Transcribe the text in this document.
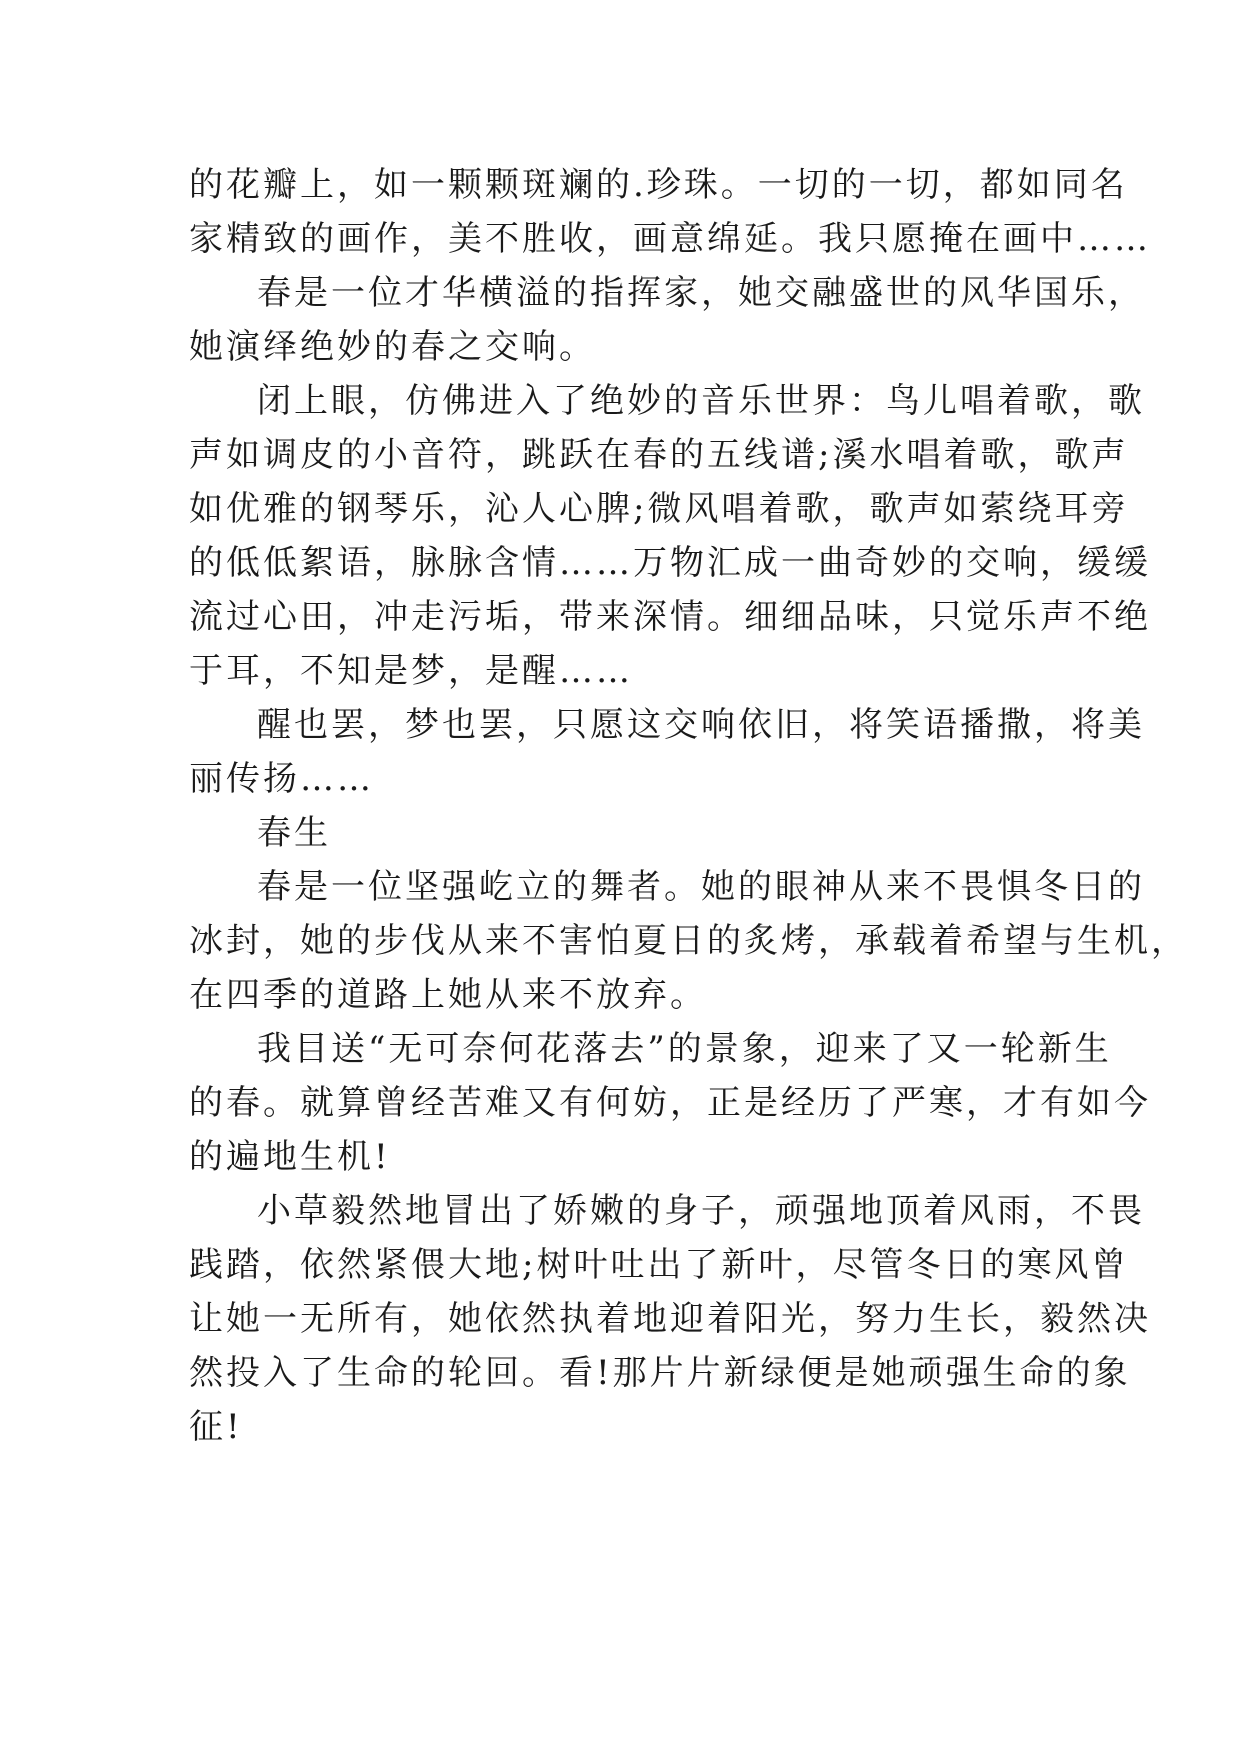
的花瓣上，如一颗颗斑斓的.珍珠。一切的一切，都如同名
家精致的画作，美不胜收，画意绵延。我只愿掩在画中……
春是一位才华横溢的指挥家，她交融盛世的风华国乐，
她演绎绝妙的春之交响。
闭上眼，仿佛进入了绝妙的音乐世界：鸟儿唱着歌，歌
声如调皮的小音符，跳跃在春的五线谱;溪水唱着歌，歌声
如优雅的钢琴乐，沁人心脾;微风唱着歌，歌声如萦绕耳旁
的低低絮语，脉脉含情……万物汇成一曲奇妙的交响，缓缓
流过心田，冲走污垢，带来深情。细细品味，只觉乐声不绝
于耳，不知是梦，是醒……
醒也罢，梦也罢，只愿这交响依旧，将笑语播撒，将美
丽传扬……
春生
春是一位坚强屹立的舞者。她的眼神从来不畏惧冬日的
冰封，她的步伐从来不害怕夏日的炙烤，承载着希望与生机，
在四季的道路上她从来不放弃。
我目送“无可奈何花落去”的景象，迎来了又一轮新生
的春。就算曾经苦难又有何妨，正是经历了严寒，才有如今
的遍地生机!
小草毅然地冒出了娇嫩的身子，顽强地顶着风雨，不畏
践踏，依然紧偎大地;树叶吐出了新叶，尽管冬日的寒风曾
让她一无所有，她依然执着地迎着阳光，努力生长，毅然决
然投入了生命的轮回。看!那片片新绿便是她顽强生命的象
征!
